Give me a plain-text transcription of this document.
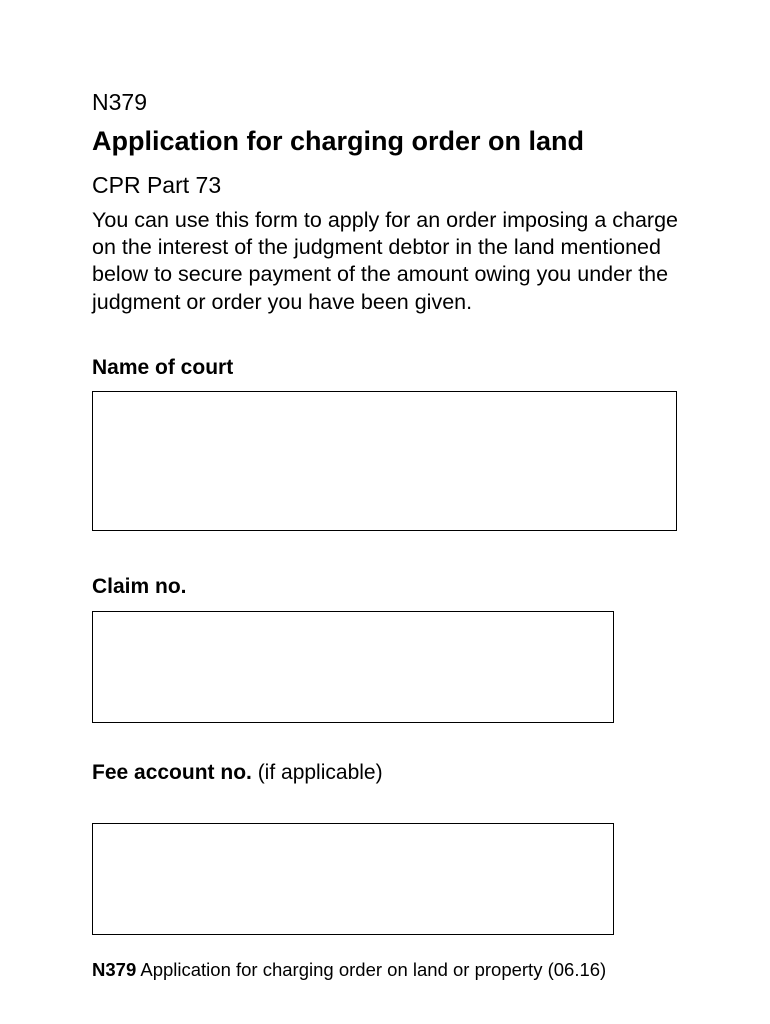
N379
Application for charging order on land
CPR Part 73
You can use this form to apply for an order imposing a charge on the interest of the judgment debtor in the land mentioned below to secure payment of the amount owing you under the judgment or order you have been given.
Name of court
Claim no.
Fee account no. (if applicable)
N379 Application for charging order on land or property (06.16)
